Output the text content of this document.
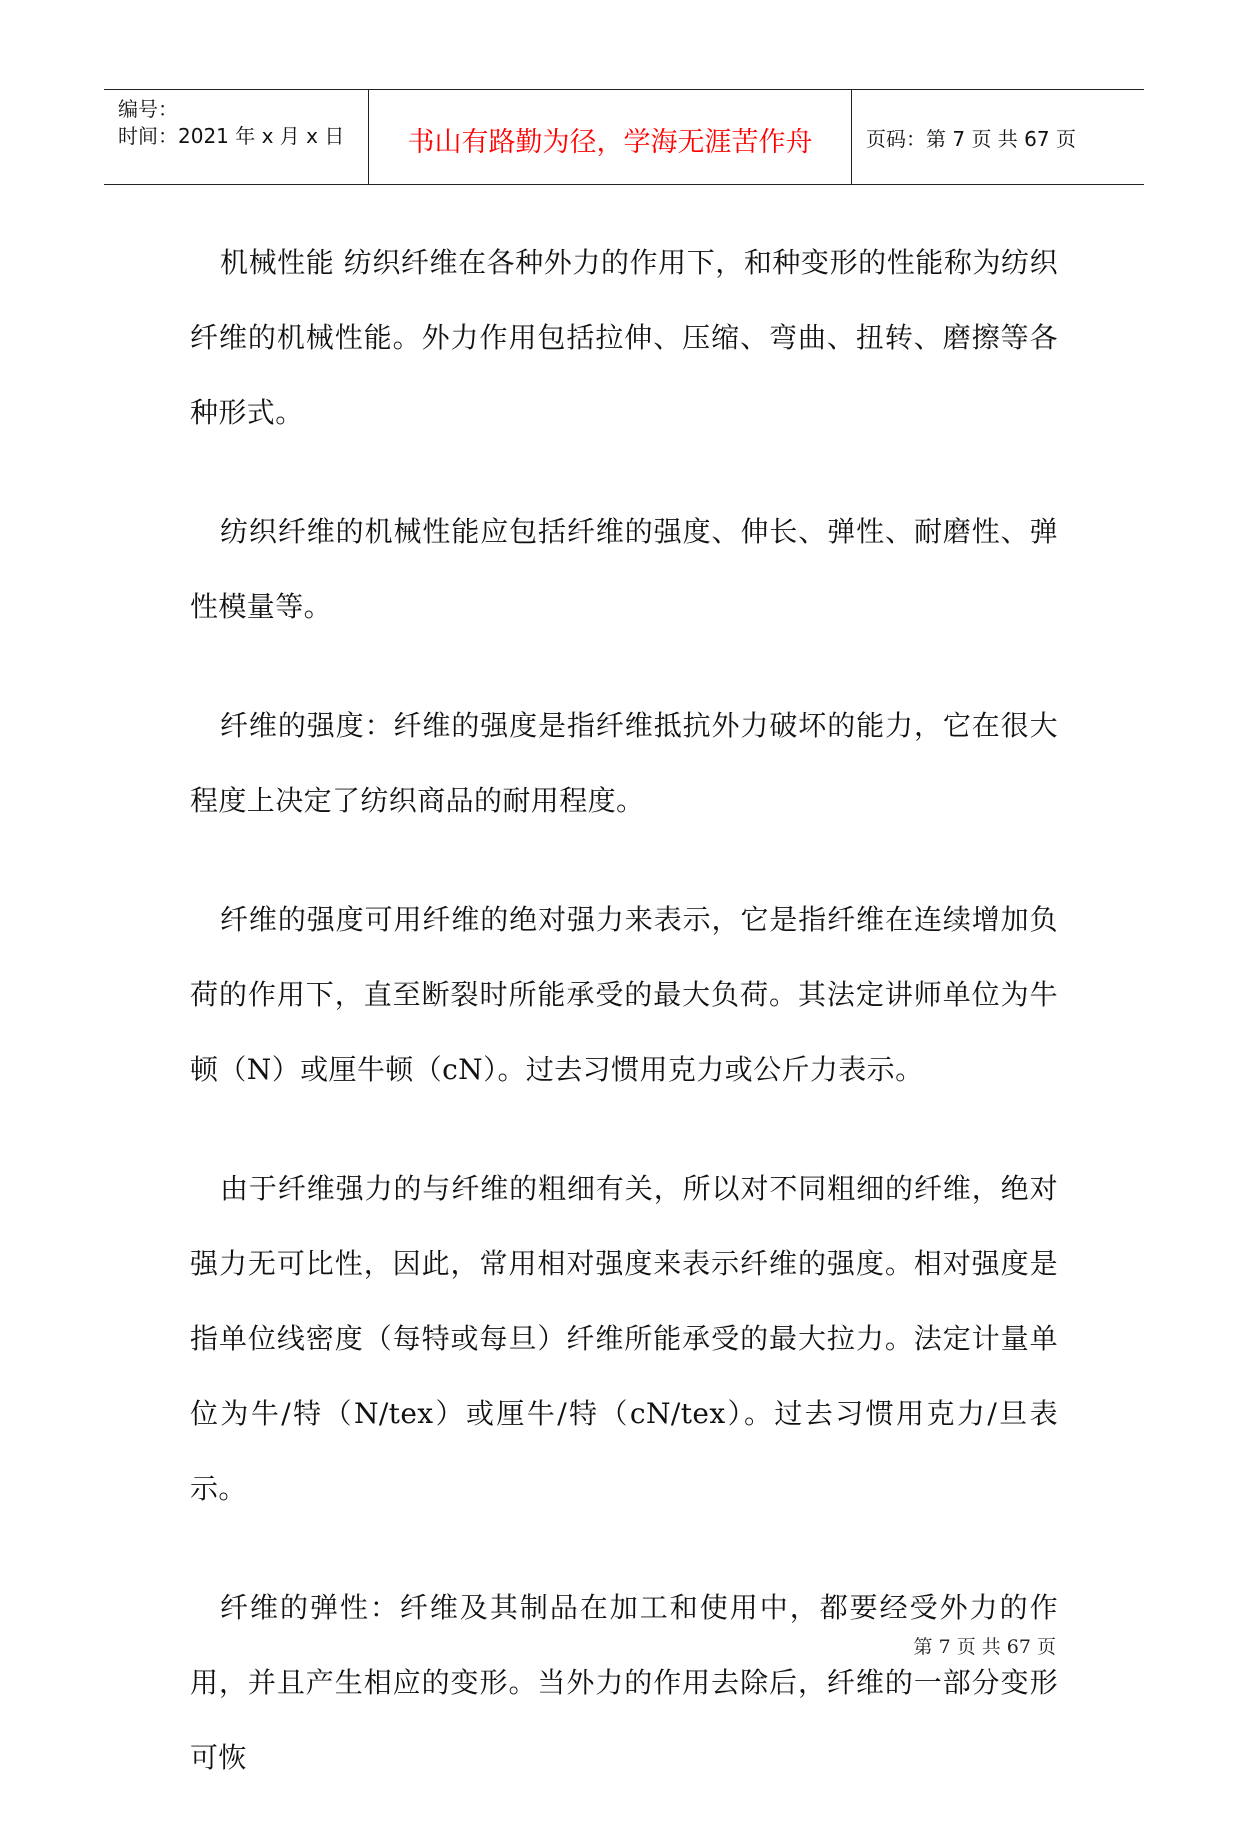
编号：
时间：2021 年 x 月 x 日	书山有路勤为径，学海无涯苦作舟	页码：第 7 页 共 67 页

机械性能 纺织纤维在各种外力的作用下，和种变形的性能称为纺织纤维的机械性能。外力作用包括拉伸、压缩、弯曲、扭转、磨擦等各种形式。

纺织纤维的机械性能应包括纤维的强度、伸长、弹性、耐磨性、弹性模量等。

纤维的强度：纤维的强度是指纤维抵抗外力破坏的能力，它在很大程度上决定了纺织商品的耐用程度。

纤维的强度可用纤维的绝对强力来表示，它是指纤维在连续增加负荷的作用下，直至断裂时所能承受的最大负荷。其法定讲师单位为牛顿（N）或厘牛顿（cN）。过去习惯用克力或公斤力表示。

由于纤维强力的与纤维的粗细有关，所以对不同粗细的纤维，绝对强力无可比性，因此，常用相对强度来表示纤维的强度。相对强度是指单位线密度（每特或每旦）纤维所能承受的最大拉力。法定计量单位为牛/特（N/tex）或厘牛/特（cN/tex）。过去习惯用克力/旦表示。

纤维的弹性：纤维及其制品在加工和使用中，都要经受外力的作用，并且产生相应的变形。当外力的作用去除后，纤维的一部分变形可恢

第 7 页 共 67 页
